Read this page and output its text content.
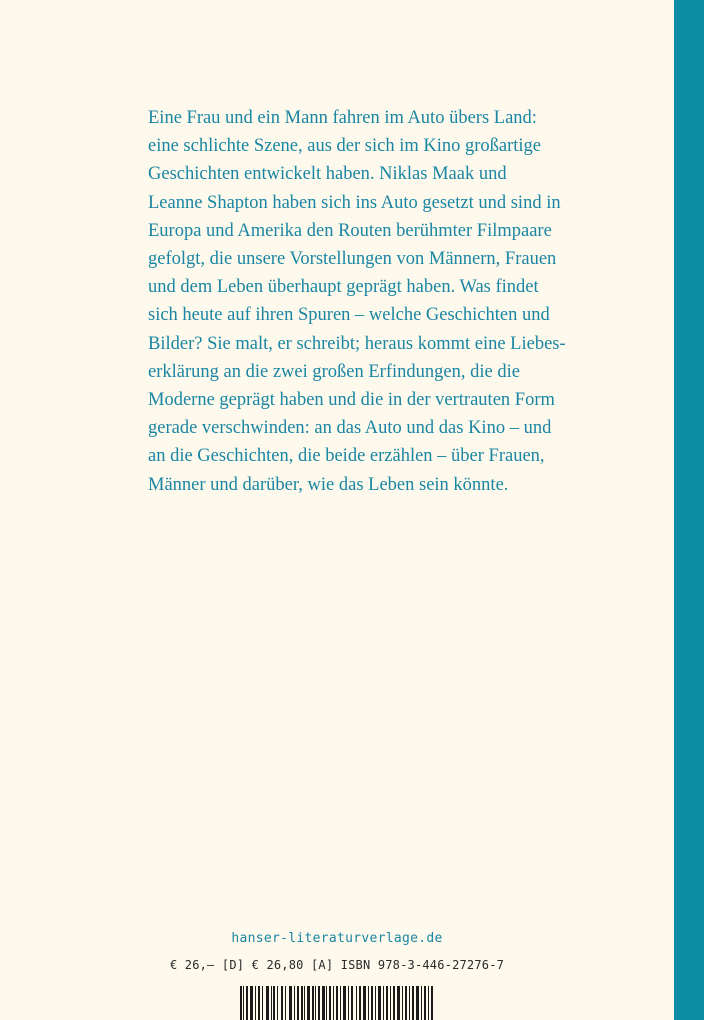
Eine Frau und ein Mann fahren im Auto übers Land:
eine schlichte Szene, aus der sich im Kino großartige
Geschichten entwickelt haben. Niklas Maak und
Leanne Shapton haben sich ins Auto gesetzt und sind in
Europa und Amerika den Routen berühmter Filmpaare
gefolgt, die unsere Vorstellungen von Männern, Frauen
und dem Leben überhaupt geprägt haben. Was findet
sich heute auf ihren Spuren – welche Geschichten und
Bilder? Sie malt, er schreibt; heraus kommt eine Liebes-
erklärung an die zwei großen Erfindungen, die die
Moderne geprägt haben und die in der vertrauten Form
gerade verschwinden: an das Auto und das Kino – und
an die Geschichten, die beide erzählen – über Frauen,
Männer und darüber, wie das Leben sein könnte.
hanser-literaturverlage.de
€ 26,– [D] € 26,80 [A] ISBN 978-3-446-27276-7
